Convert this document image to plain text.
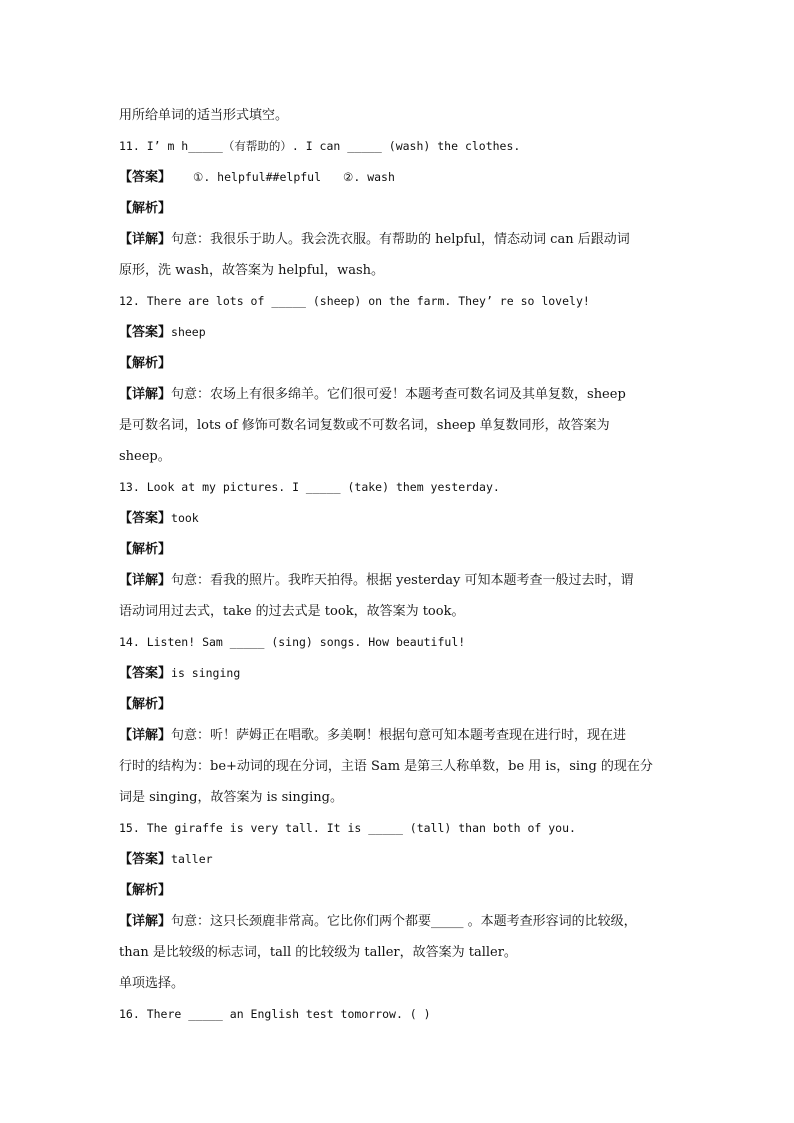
用所给单词的适当形式填空。
11. I’ m h_____（有帮助的）. I can _____ (wash) the clothes.
【答案】 ①. helpful##elpful ②. wash
【解析】
【详解】句意：我很乐于助人。我会洗衣服。有帮助的 helpful，情态动词 can 后跟动词
原形，洗 wash，故答案为 helpful，wash。
12. There are lots of _____ (sheep) on the farm. They’ re so lovely!
【答案】sheep
【解析】
【详解】句意：农场上有很多绵羊。它们很可爱！本题考查可数名词及其单复数，sheep
是可数名词，lots of 修饰可数名词复数或不可数名词，sheep 单复数同形，故答案为
sheep。
13. Look at my pictures. I _____ (take) them yesterday.
【答案】took
【解析】
【详解】句意：看我的照片。我昨天拍得。根据 yesterday 可知本题考查一般过去时，谓
语动词用过去式，take 的过去式是 took，故答案为 took。
14. Listen! Sam _____ (sing) songs. How beautiful!
【答案】is singing
【解析】
【详解】句意：听！萨姆正在唱歌。多美啊！根据句意可知本题考查现在进行时，现在进
行时的结构为：be+动词的现在分词，主语 Sam 是第三人称单数，be 用 is，sing 的现在分
词是 singing，故答案为 is singing。
15. The giraffe is very tall. It is _____ (tall) than both of you.
【答案】taller
【解析】
【详解】句意：这只长颈鹿非常高。它比你们两个都要_____ 。本题考查形容词的比较级，
than 是比较级的标志词，tall 的比较级为 taller，故答案为 taller。
单项选择。
16. There _____ an English test tomorrow. ( )
